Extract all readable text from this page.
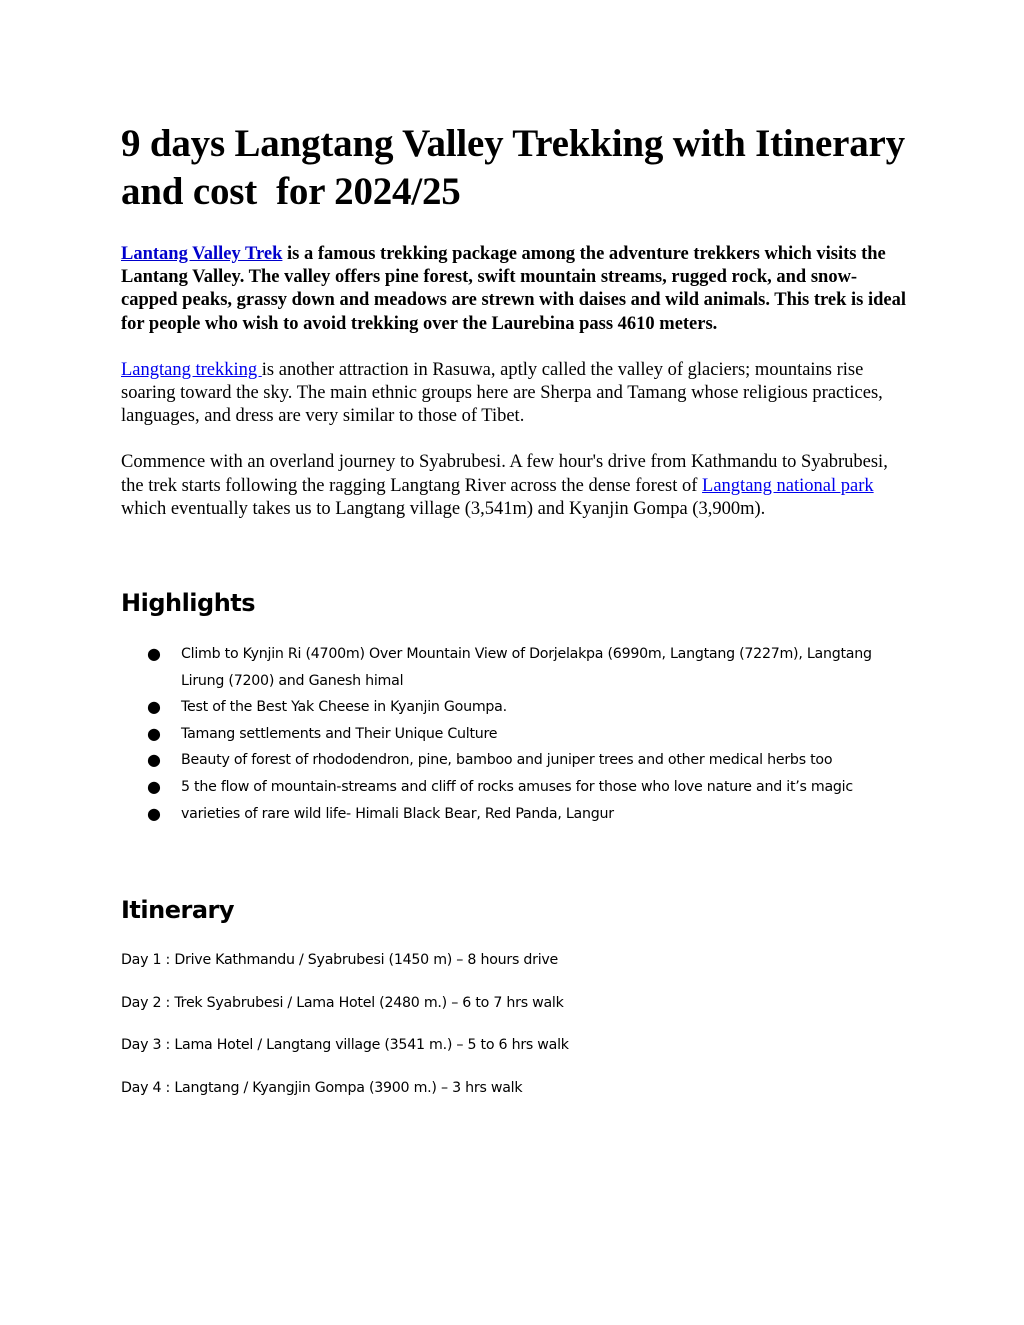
9 days Langtang Valley Trekking with Itinerary and cost  for 2024/25

Lantang Valley Trek is a famous trekking package among the adventure trekkers which visits the Lantang Valley. The valley offers pine forest, swift mountain streams, rugged rock, and snow-capped peaks, grassy down and meadows are strewn with daises and wild animals. This trek is ideal for people who wish to avoid trekking over the Laurebina pass 4610 meters.

Langtang trekking is another attraction in Rasuwa, aptly called the valley of glaciers; mountains rise soaring toward the sky. The main ethnic groups here are Sherpa and Tamang whose religious practices, languages, and dress are very similar to those of Tibet.

Commence with an overland journey to Syabrubesi. A few hour's drive from Kathmandu to Syabrubesi, the trek starts following the ragging Langtang River across the dense forest of Langtang national park which eventually takes us to Langtang village (3,541m) and Kyanjin Gompa (3,900m).

Highlights
● Climb to Kynjin Ri (4700m) Over Mountain View of Dorjelakpa (6990m, Langtang (7227m), Langtang Lirung (7200) and Ganesh himal
● Test of the Best Yak Cheese in Kyanjin Goumpa.
● Tamang settlements and Their Unique Culture
● Beauty of forest of rhododendron, pine, bamboo and juniper trees and other medical herbs too
● 5 the flow of mountain-streams and cliff of rocks amuses for those who love nature and it’s magic
● varieties of rare wild life- Himali Black Bear, Red Panda, Langur
Itinerary

Day 1 : Drive Kathmandu / Syabrubesi (1450 m) – 8 hours drive

Day 2 : Trek Syabrubesi / Lama Hotel (2480 m.) – 6 to 7 hrs walk

Day 3 : Lama Hotel / Langtang village (3541 m.) – 5 to 6 hrs walk

Day 4 : Langtang / Kyangjin Gompa (3900 m.) – 3 hrs walk
